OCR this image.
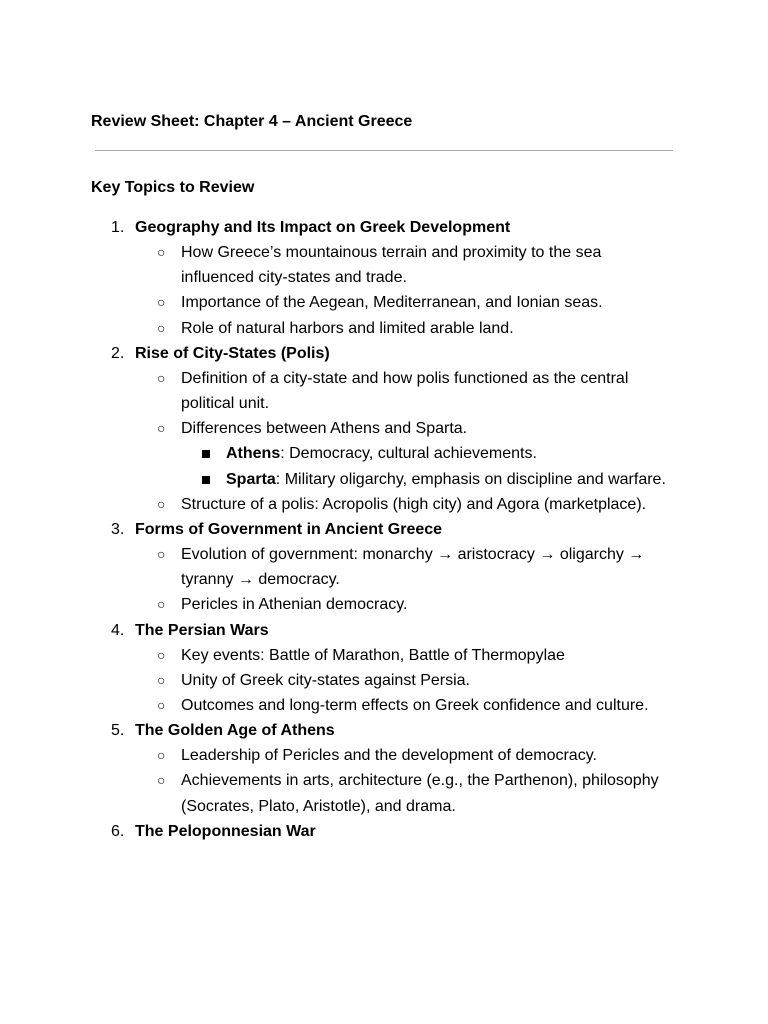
Review Sheet: Chapter 4 – Ancient Greece
Key Topics to Review
1. Geography and Its Impact on Greek Development
○ How Greece’s mountainous terrain and proximity to the sea influenced city-states and trade.
○ Importance of the Aegean, Mediterranean, and Ionian seas.
○ Role of natural harbors and limited arable land.
2. Rise of City-States (Polis)
○ Definition of a city-state and how polis functioned as the central political unit.
○ Differences between Athens and Sparta.
Athens: Democracy, cultural achievements.
Sparta: Military oligarchy, emphasis on discipline and warfare.
○ Structure of a polis: Acropolis (high city) and Agora (marketplace).
3. Forms of Government in Ancient Greece
○ Evolution of government: monarchy → aristocracy → oligarchy → tyranny → democracy.
○ Pericles in Athenian democracy.
4. The Persian Wars
○ Key events: Battle of Marathon, Battle of Thermopylae
○ Unity of Greek city-states against Persia.
○ Outcomes and long-term effects on Greek confidence and culture.
5. The Golden Age of Athens
○ Leadership of Pericles and the development of democracy.
○ Achievements in arts, architecture (e.g., the Parthenon), philosophy (Socrates, Plato, Aristotle), and drama.
6. The Peloponnesian War
